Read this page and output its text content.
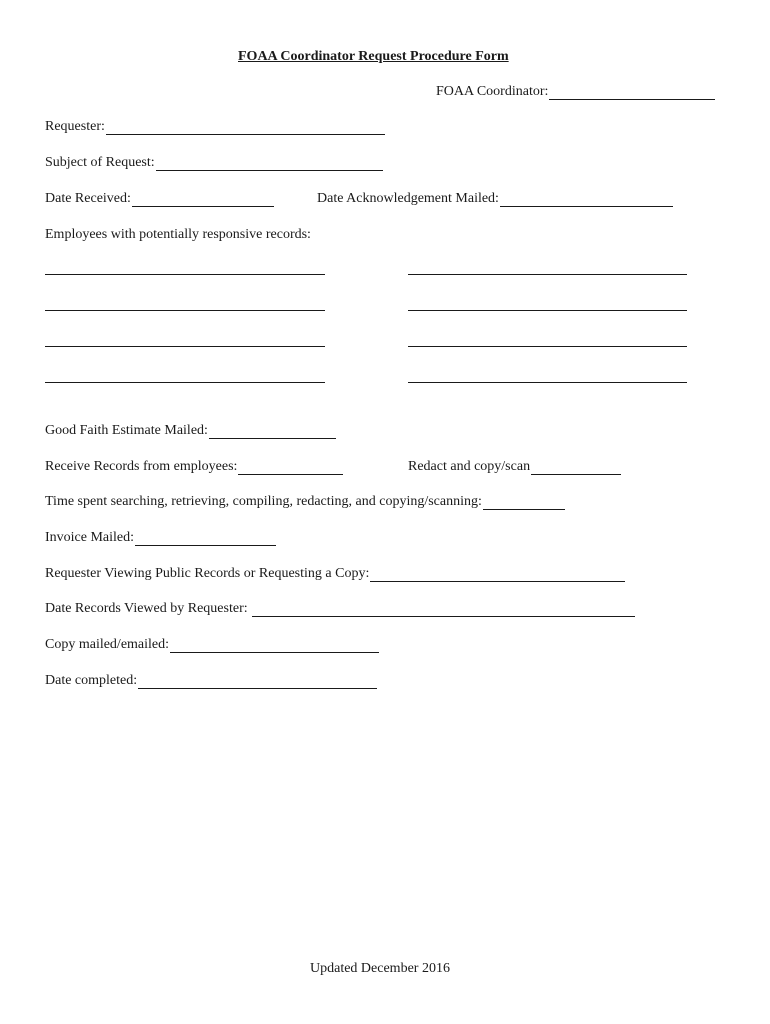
FOAA Coordinator Request Procedure Form
FOAA Coordinator:
Requester:
Subject of Request:
Date Received:	Date Acknowledgement Mailed:
Employees with potentially responsive records:
Good Faith Estimate Mailed:
Receive Records from employees:	Redact and copy/scan
Time spent searching, retrieving, compiling, redacting, and copying/scanning:
Invoice Mailed:
Requester Viewing Public Records or Requesting a Copy:
Date Records Viewed by Requester:
Copy mailed/emailed:
Date completed:
Updated December 2016
